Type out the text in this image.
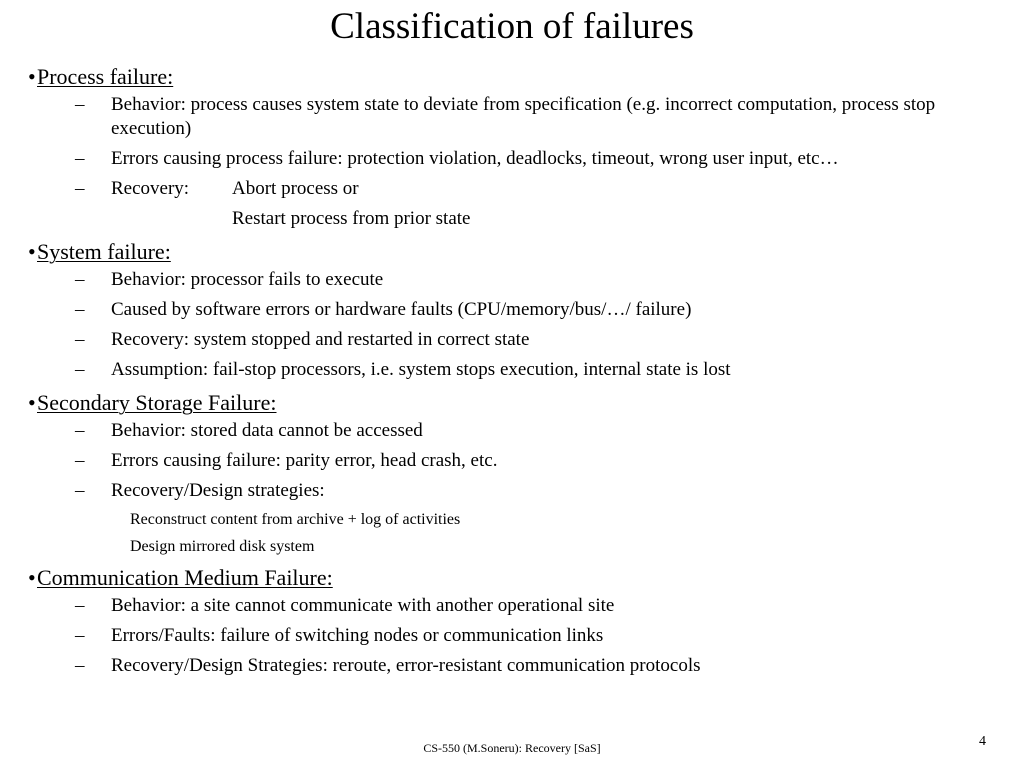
Classification of failures
•Process failure:
– Behavior: process causes system state to deviate from specification (e.g. incorrect computation, process stop execution)
– Errors causing process failure: protection violation, deadlocks, timeout, wrong user input, etc…
– Recovery: Abort process or
Restart process from prior state
•System failure:
– Behavior: processor fails to execute
– Caused by software errors or hardware faults (CPU/memory/bus/…/ failure)
– Recovery: system stopped and restarted in correct state
– Assumption: fail-stop processors, i.e. system stops execution, internal state is lost
•Secondary Storage Failure:
– Behavior: stored data cannot be accessed
– Errors causing failure: parity error, head crash, etc.
– Recovery/Design strategies:
Reconstruct content from archive + log of activities
Design mirrored disk system
•Communication Medium Failure:
– Behavior: a site cannot communicate with another operational site
– Errors/Faults: failure of switching nodes or communication links
– Recovery/Design Strategies: reroute, error-resistant communication protocols
CS-550 (M.Soneru): Recovery [SaS]	4
